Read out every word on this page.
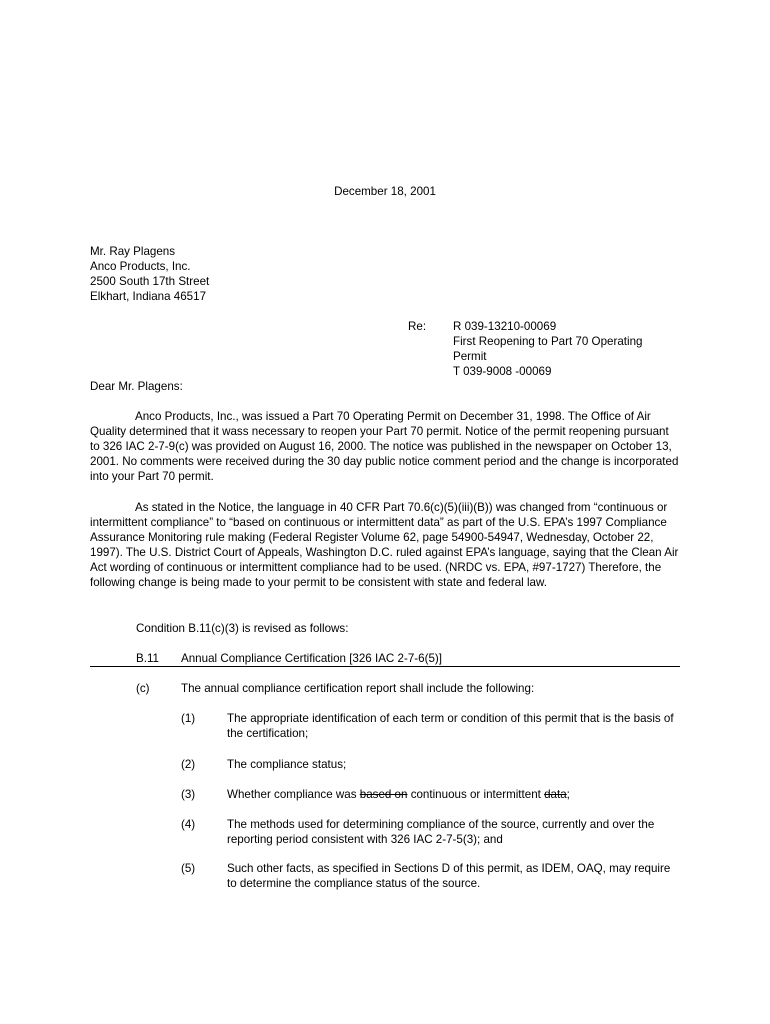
December 18, 2001
Mr. Ray Plagens
Anco Products, Inc.
2500 South 17th Street
Elkhart, Indiana 46517
Re: R 039-13210-00069
First Reopening to Part 70 Operating
Permit
T 039-9008 -00069
Dear Mr. Plagens:

Anco Products, Inc., was issued a Part 70 Operating Permit on December 31, 1998. The Office of Air Quality determined that it wass necessary to reopen your Part 70 permit. Notice of the permit reopening pursuant to 326 IAC 2-7-9(c) was provided on August 16, 2000. The notice was published in the newspaper on October 13, 2001. No comments were received during the 30 day public notice comment period and the change is incorporated into your Part 70 permit.

As stated in the Notice, the language in 40 CFR Part 70.6(c)(5)(iii)(B)) was changed from “continuous or intermittent compliance” to “based on continuous or intermittent data” as part of the U.S. EPA’s 1997 Compliance Assurance Monitoring rule making (Federal Register Volume 62, page 54900-54947, Wednesday, October 22, 1997). The U.S. District Court of Appeals, Washington D.C. ruled against EPA’s language, saying that the Clean Air Act wording of continuous or intermittent compliance had to be used. (NRDC vs. EPA, #97-1727) Therefore, the following change is being made to your permit to be consistent with state and federal law.

Condition B.11(c)(3) is revised as follows:
B.11 Annual Compliance Certification [326 IAC 2-7-6(5)]
(c)	The annual compliance certification report shall include the following:
(1)	The appropriate identification of each term or condition of this permit that is the basis of the certification;
(2)	The compliance status;
(3)	Whether compliance was based on continuous or intermittent data;
(4)	The methods used for determining compliance of the source, currently and over the reporting period consistent with 326 IAC 2-7-5(3); and
(5)	Such other facts, as specified in Sections D of this permit, as IDEM, OAQ, may require to determine the compliance status of the source.
